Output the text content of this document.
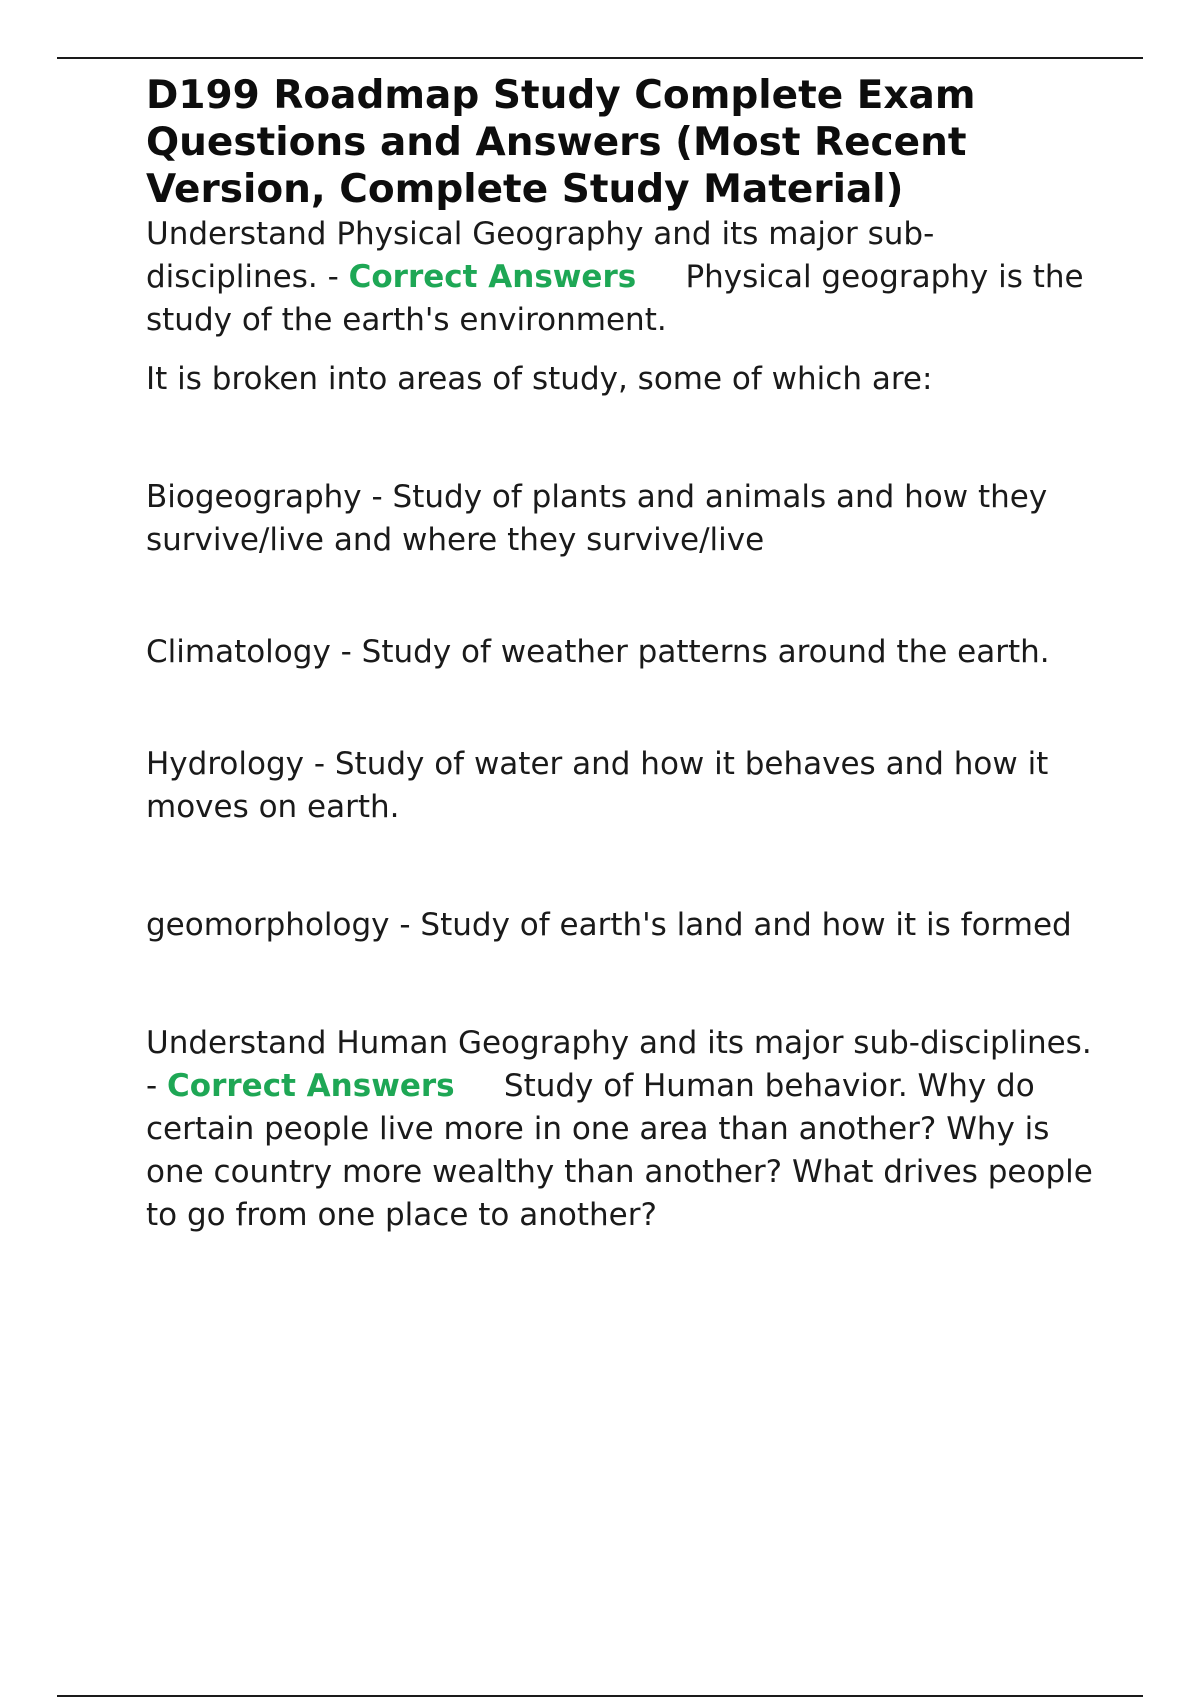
D199 Roadmap Study Complete Exam Questions and Answers (Most Recent Version, Complete Study Material)

Understand Physical Geography and its major sub-disciplines. - Correct Answers Physical geography is the study of the earth's environment.

It is broken into areas of study, some of which are:

Biogeography - Study of plants and animals and how they survive/live and where they survive/live

Climatology - Study of weather patterns around the earth.

Hydrology - Study of water and how it behaves and how it moves on earth.

geomorphology - Study of earth's land and how it is formed

Understand Human Geography and its major sub-disciplines. - Correct Answers Study of Human behavior. Why do certain people live more in one area than another? Why is one country more wealthy than another? What drives people to go from one place to another?
